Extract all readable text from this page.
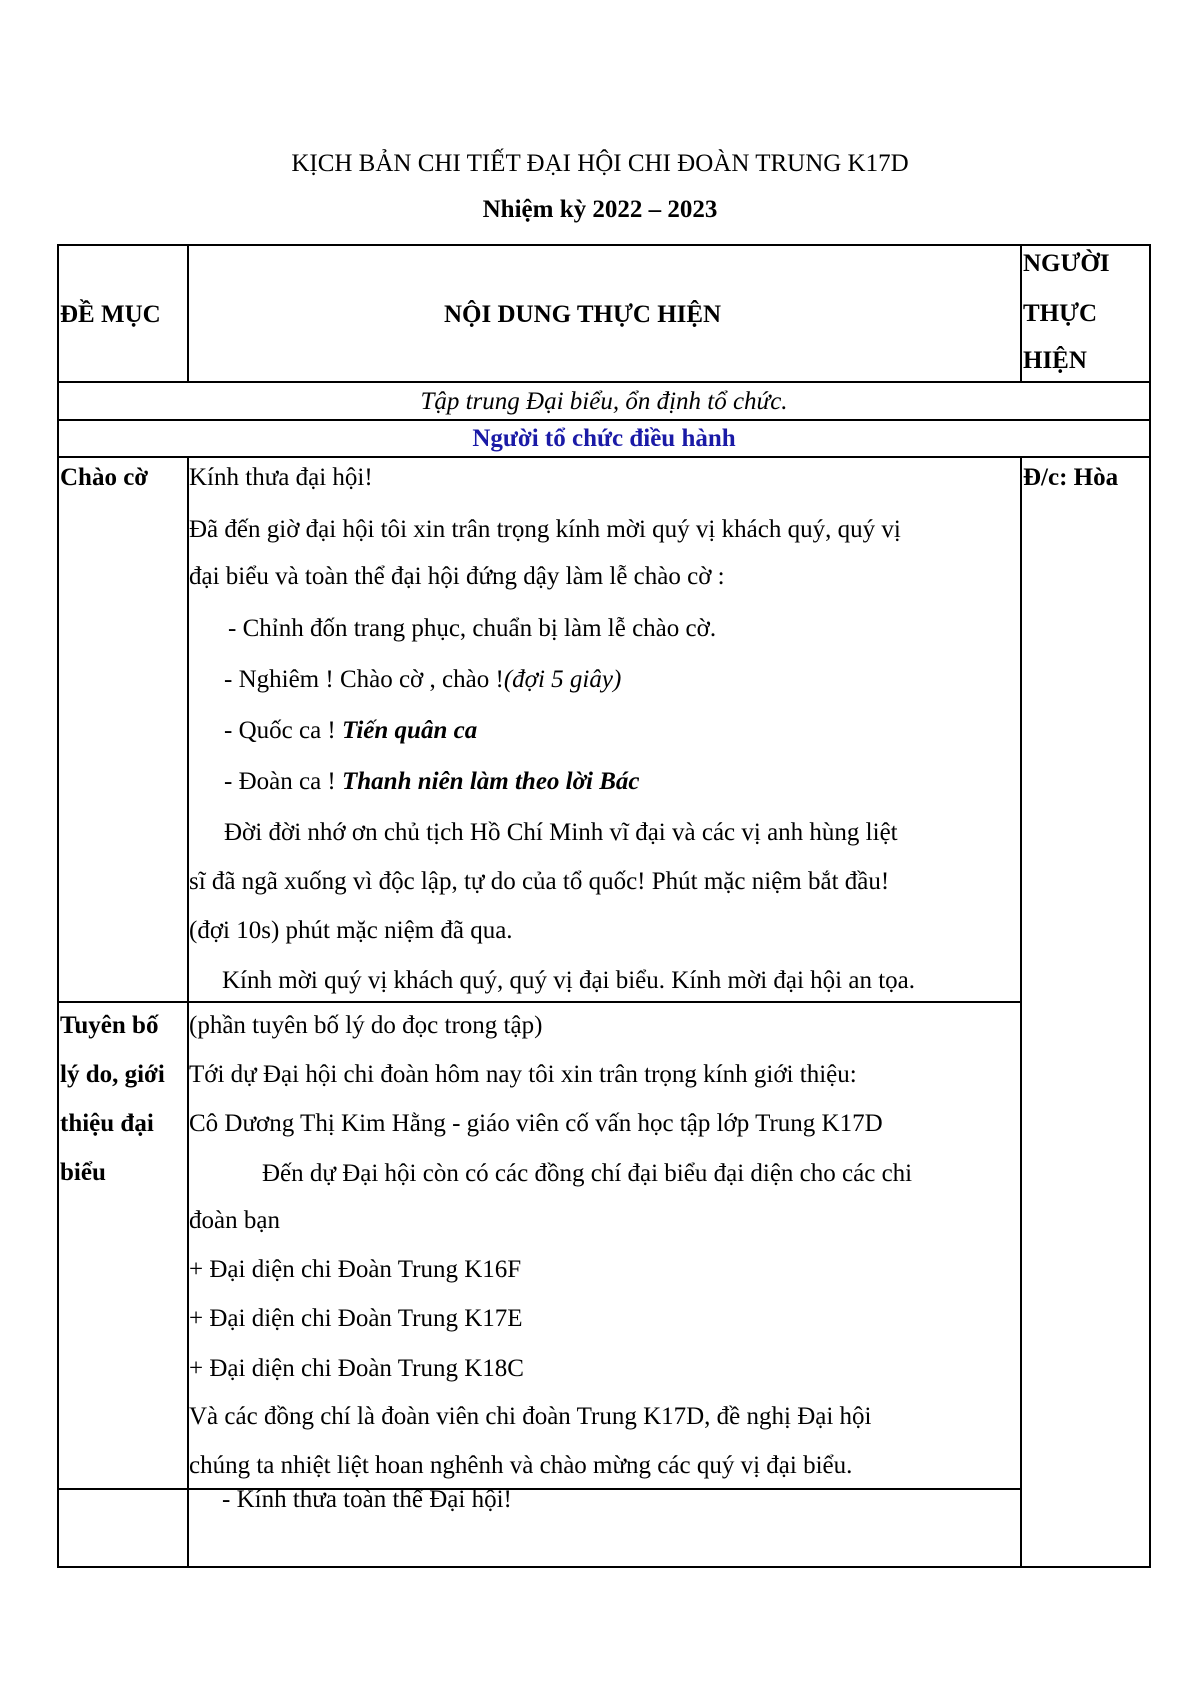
KỊCH BẢN CHI TIẾT ĐẠI HỘI CHI ĐOÀN TRUNG K17D
Nhiệm kỳ 2022 – 2023
ĐỀ MỤC	NỘI DUNG THỰC HIỆN
NGƯỜI
THỰC
HIỆN
Tập trung Đại biểu, ổn định tổ chức.
Người tổ chức điều hành
Chào cờ	Đ/c: Hòa
Kính thưa đại hội!
Đã đến giờ đại hội tôi xin trân trọng kính mời quý vị khách quý, quý vị
đại biểu và toàn thể đại hội đứng dậy làm lễ chào cờ :
- Chỉnh đốn trang phục, chuẩn bị làm lễ chào cờ.
- Nghiêm ! Chào cờ , chào !(đợi 5 giây)
- Quốc ca ! Tiến quân ca
- Đoàn ca ! Thanh niên làm theo lời Bác
Đời đời nhớ ơn chủ tịch Hồ Chí Minh vĩ đại và các vị anh hùng liệt
sĩ đã ngã xuống vì độc lập, tự do của tổ quốc! Phút mặc niệm bắt đầu!
(đợi 10s) phút mặc niệm đã qua.
Kính mời quý vị khách quý, quý vị đại biểu. Kính mời đại hội an tọa.
Tuyên bố
lý do, giới
thiệu đại
biểu
(phần tuyên bố lý do đọc trong tập)
Tới dự Đại hội chi đoàn hôm nay tôi xin trân trọng kính giới thiệu:
Cô Dương Thị Kim Hằng - giáo viên cố vấn học tập lớp Trung K17D
Đến dự Đại hội còn có các đồng chí đại biểu đại diện cho các chi
đoàn bạn
+ Đại diện chi Đoàn Trung K16F
+ Đại diện chi Đoàn Trung K17E
+ Đại diện chi Đoàn Trung K18C
Và các đồng chí là đoàn viên chi đoàn Trung K17D, đề nghị Đại hội
chúng ta nhiệt liệt hoan nghênh và chào mừng các quý vị đại biểu.
- Kính thưa toàn thể Đại hội!
